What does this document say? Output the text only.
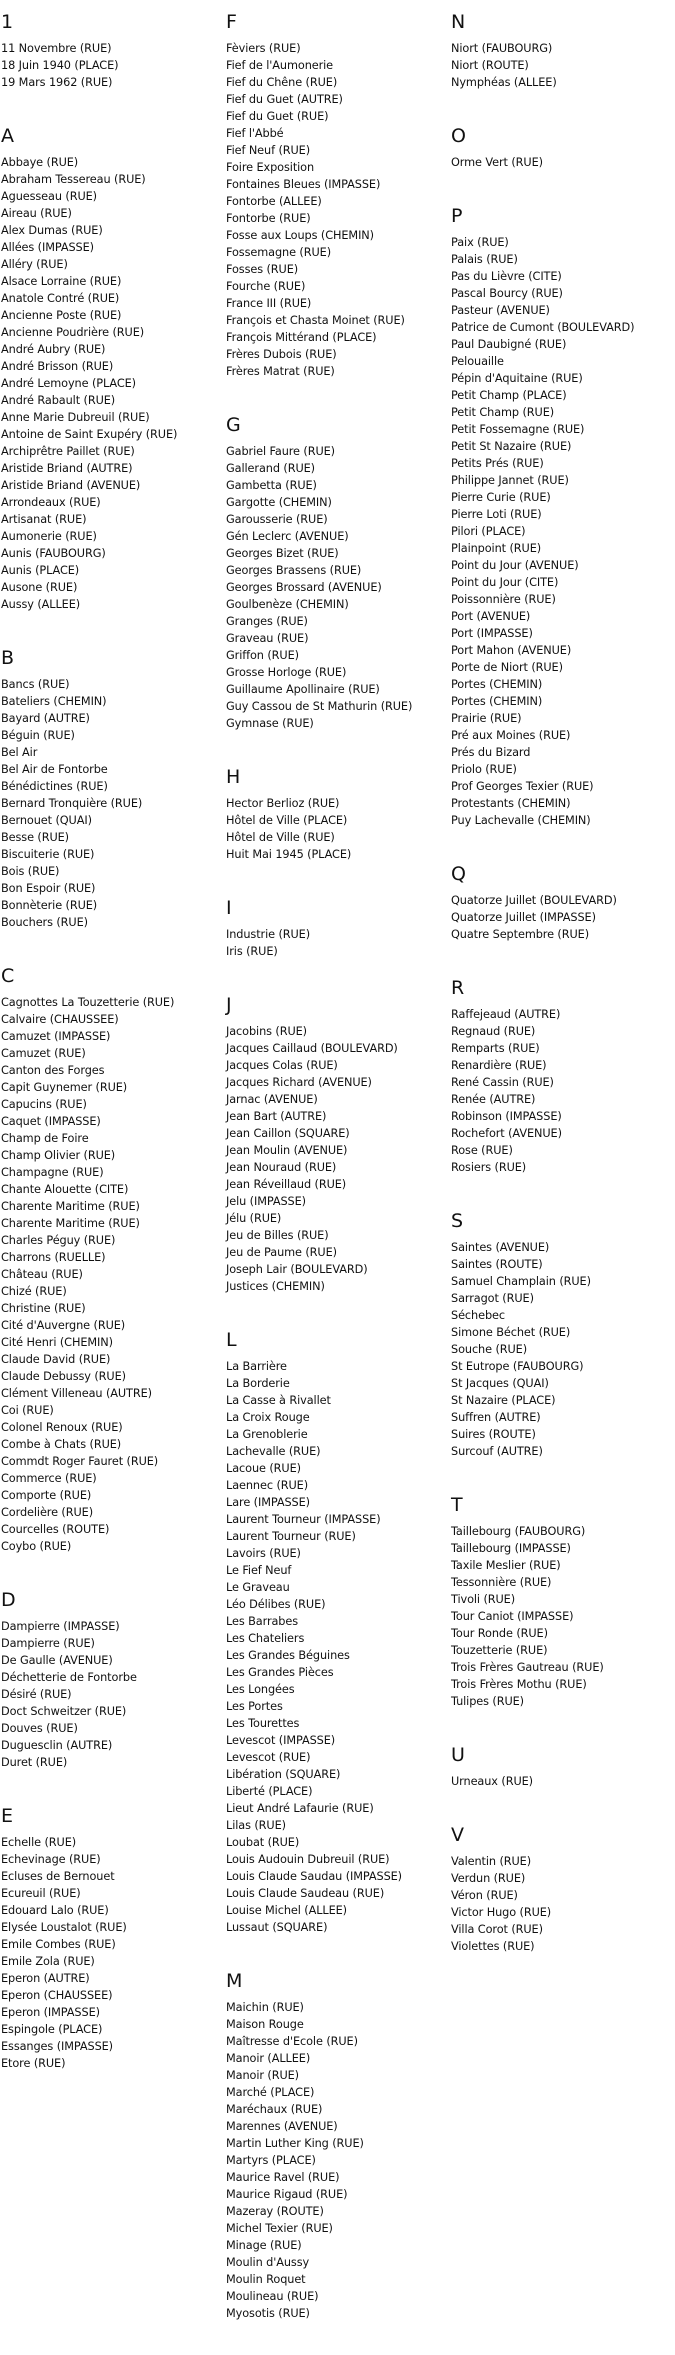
1
11 Novembre (RUE)
18 Juin 1940 (PLACE)
19 Mars 1962 (RUE)
A
Abbaye (RUE)
Abraham Tessereau (RUE)
Aguesseau (RUE)
Aireau (RUE)
Alex Dumas (RUE)
Allées (IMPASSE)
Alléry (RUE)
Alsace Lorraine (RUE)
Anatole Contré (RUE)
Ancienne Poste (RUE)
Ancienne Poudrière (RUE)
André Aubry (RUE)
André Brisson (RUE)
André Lemoyne (PLACE)
André Rabault (RUE)
Anne Marie Dubreuil (RUE)
Antoine de Saint Exupéry (RUE)
Archiprêtre Paillet (RUE)
Aristide Briand (AUTRE)
Aristide Briand (AVENUE)
Arrondeaux (RUE)
Artisanat (RUE)
Aumonerie (RUE)
Aunis (FAUBOURG)
Aunis (PLACE)
Ausone (RUE)
Aussy (ALLEE)
B
Bancs (RUE)
Bateliers (CHEMIN)
Bayard (AUTRE)
Béguin (RUE)
Bel Air
Bel Air de Fontorbe
Bénédictines (RUE)
Bernard Tronquière (RUE)
Bernouet (QUAI)
Besse (RUE)
Biscuiterie (RUE)
Bois (RUE)
Bon Espoir (RUE)
Bonnèterie (RUE)
Bouchers (RUE)
C
Cagnottes La Touzetterie (RUE)
Calvaire (CHAUSSEE)
Camuzet (IMPASSE)
Camuzet (RUE)
Canton des Forges
Capit Guynemer (RUE)
Capucins (RUE)
Caquet (IMPASSE)
Champ de Foire
Champ Olivier (RUE)
Champagne (RUE)
Chante Alouette (CITE)
Charente Maritime (RUE)
Charente Maritime (RUE)
Charles Péguy (RUE)
Charrons (RUELLE)
Château (RUE)
Chizé (RUE)
Christine (RUE)
Cité d'Auvergne (RUE)
Cité Henri (CHEMIN)
Claude David (RUE)
Claude Debussy (RUE)
Clément Villeneau (AUTRE)
Coi (RUE)
Colonel Renoux (RUE)
Combe à Chats (RUE)
Commdt Roger Fauret (RUE)
Commerce (RUE)
Comporte (RUE)
Cordelière (RUE)
Courcelles (ROUTE)
Coybo (RUE)
D
Dampierre (IMPASSE)
Dampierre (RUE)
De Gaulle (AVENUE)
Déchetterie de Fontorbe
Désiré (RUE)
Doct Schweitzer (RUE)
Douves (RUE)
Duguesclin (AUTRE)
Duret (RUE)
E
Echelle (RUE)
Echevinage (RUE)
Ecluses de Bernouet
Ecureuil (RUE)
Edouard Lalo (RUE)
Elysée Loustalot (RUE)
Emile Combes (RUE)
Emile Zola (RUE)
Eperon (AUTRE)
Eperon (CHAUSSEE)
Eperon (IMPASSE)
Espingole (PLACE)
Essanges (IMPASSE)
Etore (RUE)
F
Fèviers (RUE)
Fief de l'Aumonerie
Fief du Chêne (RUE)
Fief du Guet (AUTRE)
Fief du Guet (RUE)
Fief l'Abbé
Fief Neuf (RUE)
Foire Exposition
Fontaines Bleues (IMPASSE)
Fontorbe (ALLEE)
Fontorbe (RUE)
Fosse aux Loups (CHEMIN)
Fossemagne (RUE)
Fosses (RUE)
Fourche (RUE)
France III (RUE)
François et Chasta Moinet (RUE)
François Mittérand (PLACE)
Frères Dubois (RUE)
Frères Matrat (RUE)
G
Gabriel Faure (RUE)
Gallerand (RUE)
Gambetta (RUE)
Gargotte (CHEMIN)
Garousserie (RUE)
Gén Leclerc (AVENUE)
Georges Bizet (RUE)
Georges Brassens (RUE)
Georges Brossard (AVENUE)
Goulbenèze (CHEMIN)
Granges (RUE)
Graveau (RUE)
Griffon (RUE)
Grosse Horloge (RUE)
Guillaume Apollinaire (RUE)
Guy Cassou de St Mathurin (RUE)
Gymnase (RUE)
H
Hector Berlioz (RUE)
Hôtel de Ville (PLACE)
Hôtel de Ville (RUE)
Huit Mai 1945 (PLACE)
I
Industrie (RUE)
Iris (RUE)
J
Jacobins (RUE)
Jacques Caillaud (BOULEVARD)
Jacques Colas (RUE)
Jacques Richard (AVENUE)
Jarnac (AVENUE)
Jean Bart (AUTRE)
Jean Caillon (SQUARE)
Jean Moulin (AVENUE)
Jean Nouraud (RUE)
Jean Réveillaud (RUE)
Jelu (IMPASSE)
Jélu (RUE)
Jeu de Billes (RUE)
Jeu de Paume (RUE)
Joseph Lair (BOULEVARD)
Justices (CHEMIN)
L
La Barrière
La Borderie
La Casse à Rivallet
La Croix Rouge
La Grenoblerie
Lachevalle (RUE)
Lacoue (RUE)
Laennec (RUE)
Lare (IMPASSE)
Laurent Tourneur (IMPASSE)
Laurent Tourneur (RUE)
Lavoirs (RUE)
Le Fief Neuf
Le Graveau
Léo Délibes (RUE)
Les Barrabes
Les Chateliers
Les Grandes Béguines
Les Grandes Pièces
Les Longées
Les Portes
Les Tourettes
Levescot (IMPASSE)
Levescot (RUE)
Libération (SQUARE)
Liberté (PLACE)
Lieut André Lafaurie (RUE)
Lilas (RUE)
Loubat (RUE)
Louis Audouin Dubreuil (RUE)
Louis Claude Saudau (IMPASSE)
Louis Claude Saudeau (RUE)
Louise Michel (ALLEE)
Lussaut (SQUARE)
M
Maichin (RUE)
Maison Rouge
Maîtresse d'Ecole (RUE)
Manoir (ALLEE)
Manoir (RUE)
Marché (PLACE)
Maréchaux (RUE)
Marennes (AVENUE)
Martin Luther King (RUE)
Martyrs (PLACE)
Maurice Ravel (RUE)
Maurice Rigaud (RUE)
Mazeray (ROUTE)
Michel Texier (RUE)
Minage (RUE)
Moulin d'Aussy
Moulin Roquet
Moulineau (RUE)
Myosotis (RUE)
N
Niort (FAUBOURG)
Niort (ROUTE)
Nymphéas (ALLEE)
O
Orme Vert (RUE)
P
Paix (RUE)
Palais (RUE)
Pas du Lièvre (CITE)
Pascal Bourcy (RUE)
Pasteur (AVENUE)
Patrice de Cumont (BOULEVARD)
Paul Daubigné (RUE)
Pelouaille
Pépin d'Aquitaine (RUE)
Petit Champ (PLACE)
Petit Champ (RUE)
Petit Fossemagne (RUE)
Petit St Nazaire (RUE)
Petits Prés (RUE)
Philippe Jannet (RUE)
Pierre Curie (RUE)
Pierre Loti (RUE)
Pilori (PLACE)
Plainpoint (RUE)
Point du Jour (AVENUE)
Point du Jour (CITE)
Poissonnière (RUE)
Port (AVENUE)
Port (IMPASSE)
Port Mahon (AVENUE)
Porte de Niort (RUE)
Portes (CHEMIN)
Portes (CHEMIN)
Prairie (RUE)
Pré aux Moines (RUE)
Prés du Bizard
Priolo (RUE)
Prof Georges Texier (RUE)
Protestants (CHEMIN)
Puy Lachevalle (CHEMIN)
Q
Quatorze Juillet (BOULEVARD)
Quatorze Juillet (IMPASSE)
Quatre Septembre (RUE)
R
Raffejeaud (AUTRE)
Regnaud (RUE)
Remparts (RUE)
Renardière (RUE)
René Cassin (RUE)
Renée (AUTRE)
Robinson (IMPASSE)
Rochefort (AVENUE)
Rose (RUE)
Rosiers (RUE)
S
Saintes (AVENUE)
Saintes (ROUTE)
Samuel Champlain (RUE)
Sarragot (RUE)
Séchebec
Simone Béchet (RUE)
Souche (RUE)
St Eutrope (FAUBOURG)
St Jacques (QUAI)
St Nazaire (PLACE)
Suffren (AUTRE)
Suires (ROUTE)
Surcouf (AUTRE)
T
Taillebourg (FAUBOURG)
Taillebourg (IMPASSE)
Taxile Meslier (RUE)
Tessonnière (RUE)
Tivoli (RUE)
Tour Caniot (IMPASSE)
Tour Ronde (RUE)
Touzetterie (RUE)
Trois Frères Gautreau (RUE)
Trois Frères Mothu (RUE)
Tulipes (RUE)
U
Urneaux (RUE)
V
Valentin (RUE)
Verdun (RUE)
Véron (RUE)
Victor Hugo (RUE)
Villa Corot (RUE)
Violettes (RUE)
